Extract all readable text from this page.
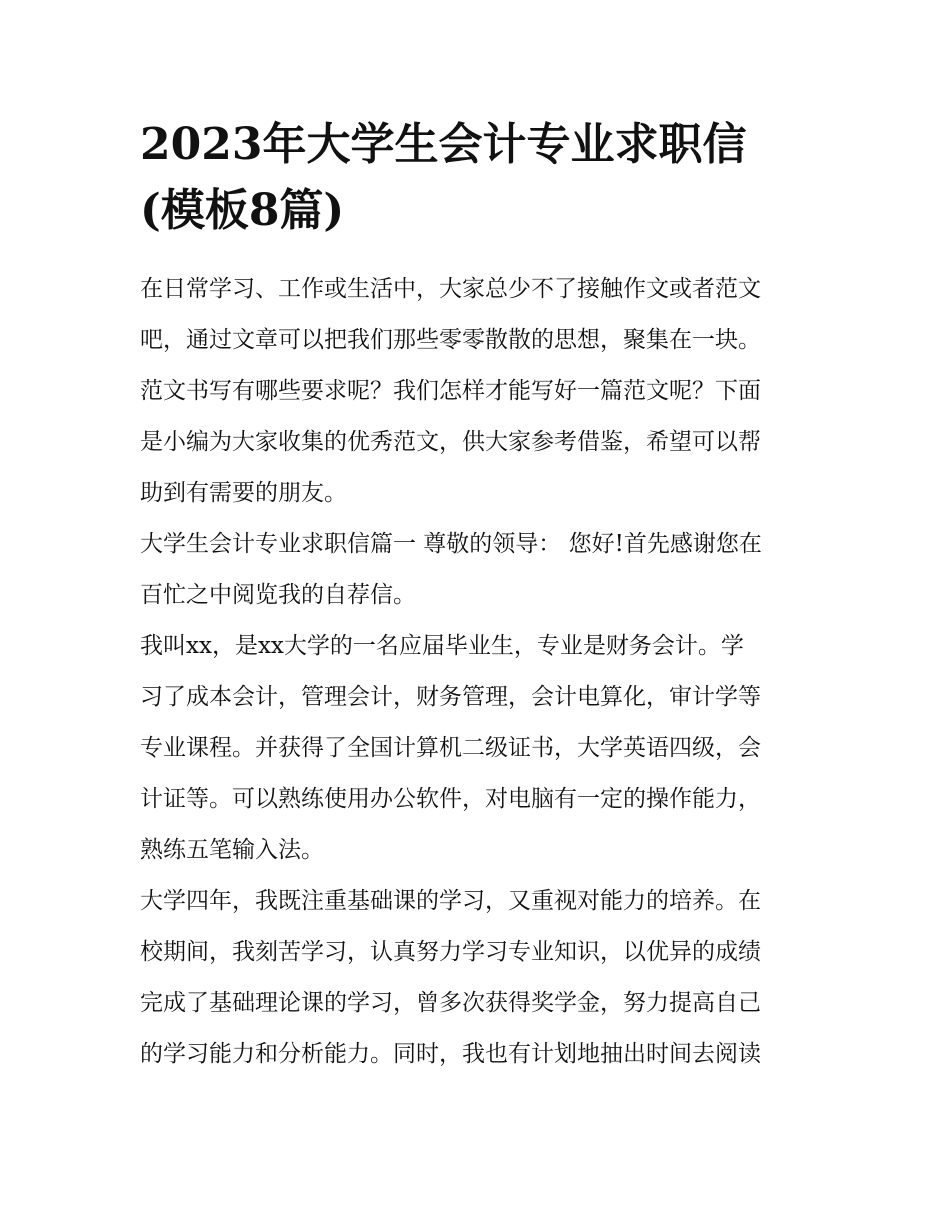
2023年大学生会计专业求职信
(模板8篇)
在日常学习、工作或生活中，大家总少不了接触作文或者范文
吧，通过文章可以把我们那些零零散散的思想，聚集在一块。
范文书写有哪些要求呢？我们怎样才能写好一篇范文呢？下面
是小编为大家收集的优秀范文，供大家参考借鉴，希望可以帮
助到有需要的朋友。
大学生会计专业求职信篇一 尊敬的领导： 您好!首先感谢您在
百忙之中阅览我的自荐信。
我叫xx，是xx大学的一名应届毕业生，专业是财务会计。学
习了成本会计，管理会计，财务管理，会计电算化，审计学等
专业课程。并获得了全国计算机二级证书，大学英语四级，会
计证等。可以熟练使用办公软件，对电脑有一定的操作能力，
熟练五笔输入法。
大学四年，我既注重基础课的学习，又重视对能力的培养。在
校期间，我刻苦学习，认真努力学习专业知识，以优异的成绩
完成了基础理论课的学习，曾多次获得奖学金，努力提高自己
的学习能力和分析能力。同时，我也有计划地抽出时间去阅读
